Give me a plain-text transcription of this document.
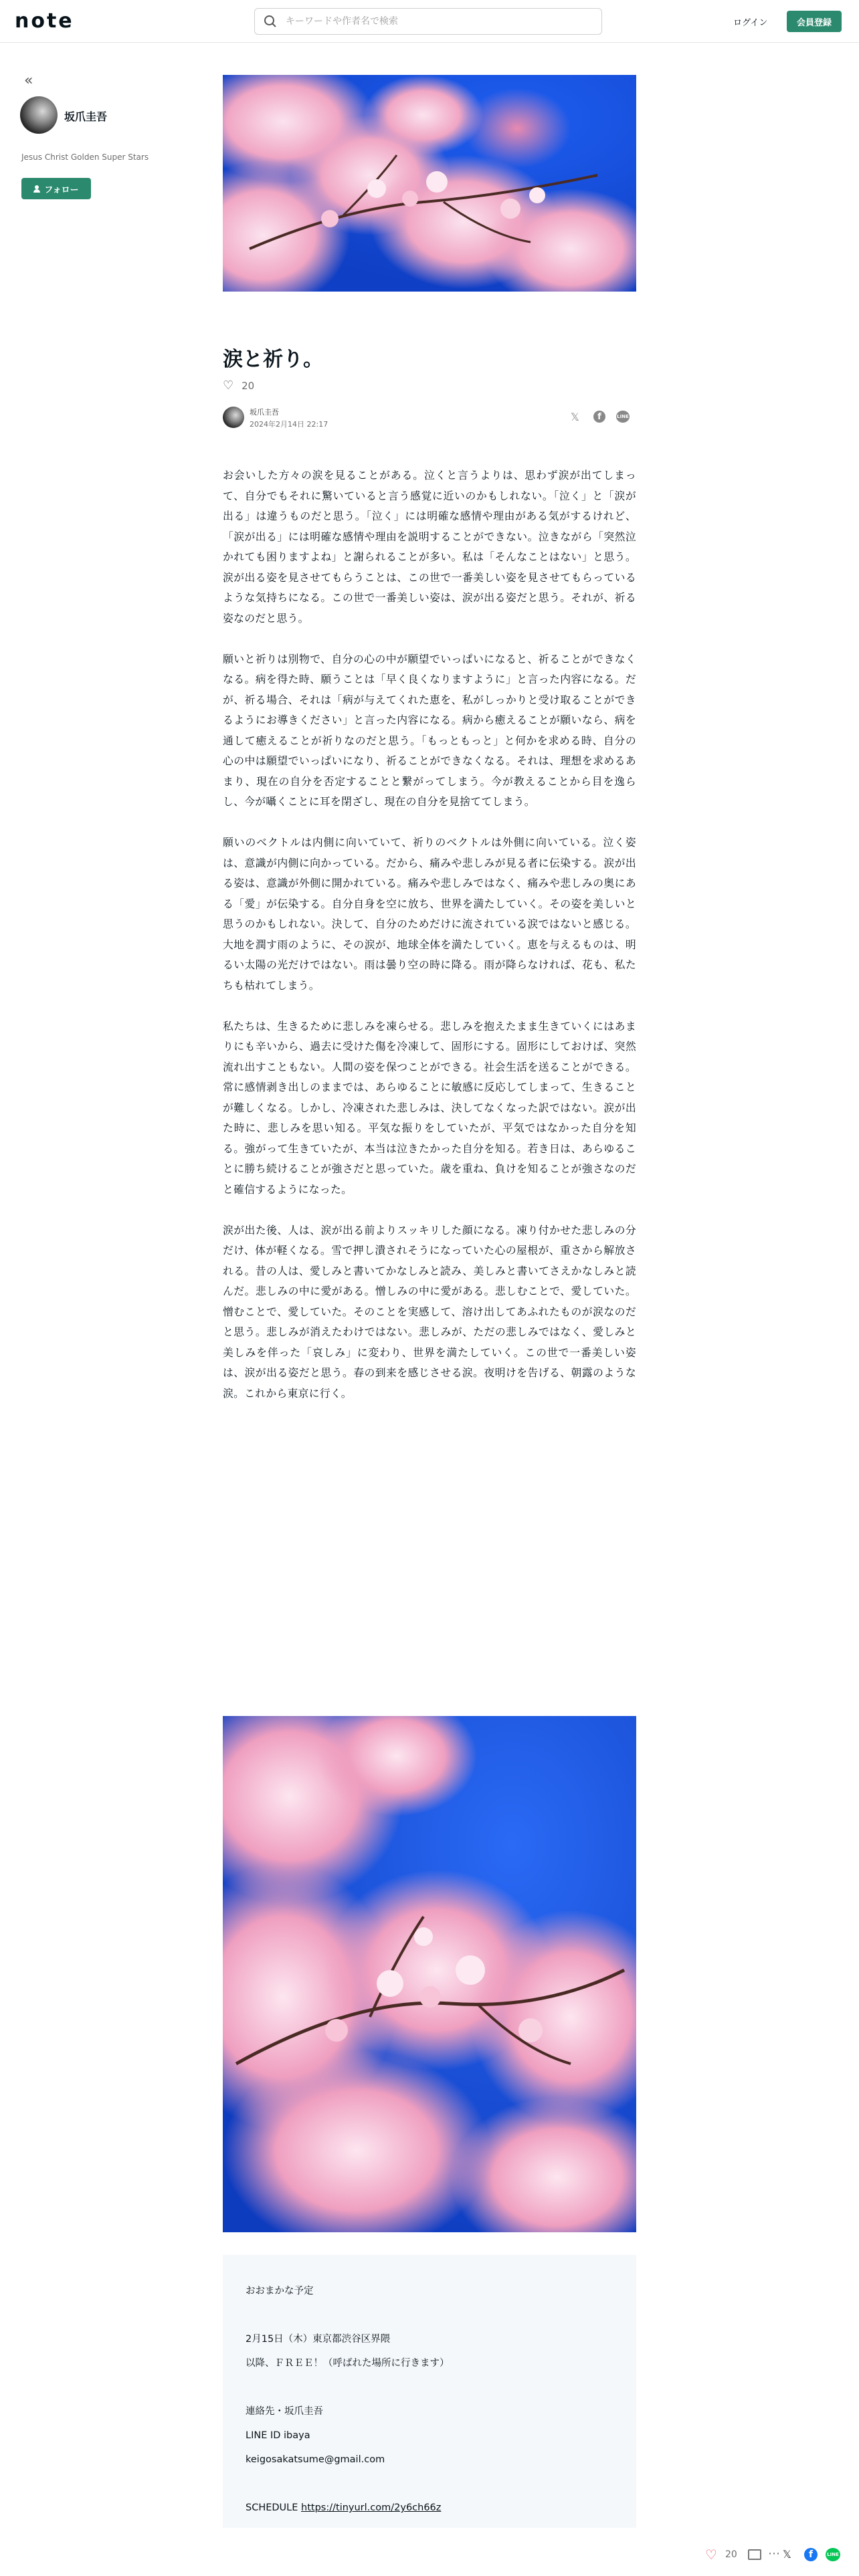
note
キーワードや作者名で検索	ログイン	会員登録
«
坂爪圭吾
Jesus Christ Golden Super Stars
フォロー
涙と祈り。
♡ 20
坂爪圭吾
2024年2月14日 22:17
𝕏	f	LINE

お会いした方々の涙を見ることがある。泣くと言うよりは、思わず涙が出てしまって、自分でもそれに驚いていると言う感覚に近いのかもしれない。「泣く」と「涙が出る」は違うものだと思う。「泣く」には明確な感情や理由がある気がするけれど、「涙が出る」には明確な感情や理由を説明することができない。泣きながら「突然泣かれても困りますよね」と謝られることが多い。私は「そんなことはない」と思う。涙が出る姿を見させてもらうことは、この世で一番美しい姿を見させてもらっているような気持ちになる。この世で一番美しい姿は、涙が出る姿だと思う。それが、祈る姿なのだと思う。

願いと祈りは別物で、自分の心の中が願望でいっぱいになると、祈ることができなくなる。病を得た時、願うことは「早く良くなりますように」と言った内容になる。だが、祈る場合、それは「病が与えてくれた恵を、私がしっかりと受け取ることができるようにお導きください」と言った内容になる。病から癒えることが願いなら、病を通して癒えることが祈りなのだと思う。「もっともっと」と何かを求める時、自分の心の中は願望でいっぱいになり、祈ることができなくなる。それは、理想を求めるあまり、現在の自分を否定することと繋がってしまう。今が教えることから目を逸らし、今が囁くことに耳を閉ざし、現在の自分を見捨ててしまう。

願いのベクトルは内側に向いていて、祈りのベクトルは外側に向いている。泣く姿は、意識が内側に向かっている。だから、痛みや悲しみが見る者に伝染する。涙が出る姿は、意識が外側に開かれている。痛みや悲しみではなく、痛みや悲しみの奥にある「愛」が伝染する。自分自身を空に放ち、世界を満たしていく。その姿を美しいと思うのかもしれない。決して、自分のためだけに流されている涙ではないと感じる。大地を潤す雨のように、その涙が、地球全体を満たしていく。恵を与えるものは、明るい太陽の光だけではない。雨は曇り空の時に降る。雨が降らなければ、花も、私たちも枯れてしまう。

私たちは、生きるために悲しみを凍らせる。悲しみを抱えたまま生きていくにはあまりにも辛いから、過去に受けた傷を冷凍して、固形にする。固形にしておけば、突然流れ出すこともない。人間の姿を保つことができる。社会生活を送ることができる。常に感情剥き出しのままでは、あらゆることに敏感に反応してしまって、生きることが難しくなる。しかし、冷凍された悲しみは、決してなくなった訳ではない。涙が出た時に、悲しみを思い知る。平気な振りをしていたが、平気ではなかった自分を知る。強がって生きていたが、本当は泣きたかった自分を知る。若き日は、あらゆることに勝ち続けることが強さだと思っていた。歳を重ね、負けを知ることが強さなのだと確信するようになった。

涙が出た後、人は、涙が出る前よりスッキリした顔になる。凍り付かせた悲しみの分だけ、体が軽くなる。雪で押し潰されそうになっていた心の屋根が、重さから解放される。昔の人は、愛しみと書いてかなしみと読み、美しみと書いてさえかなしみと読んだ。悲しみの中に愛がある。憎しみの中に愛がある。悲しむことで、愛していた。憎むことで、愛していた。そのことを実感して、溶け出してあふれたものが涙なのだと思う。悲しみが消えたわけではない。悲しみが、ただの悲しみではなく、愛しみと美しみを伴った「哀しみ」に変わり、世界を満たしていく。この世で一番美しい姿は、涙が出る姿だと思う。春の到来を感じさせる涙。夜明けを告げる、朝露のような涙。これから東京に行く。

おおまかな予定
2月15日（木）東京都渋谷区界隈
以降、ＦＲＥＥ！（呼ばれた場所に行きます）
連絡先・坂爪圭吾
LINE ID ibaya
keigosakatsume@gmail.com
SCHEDULE https://tinyurl.com/2y6ch66z
♡ 20	⋯ 𝕏	f	LINE
